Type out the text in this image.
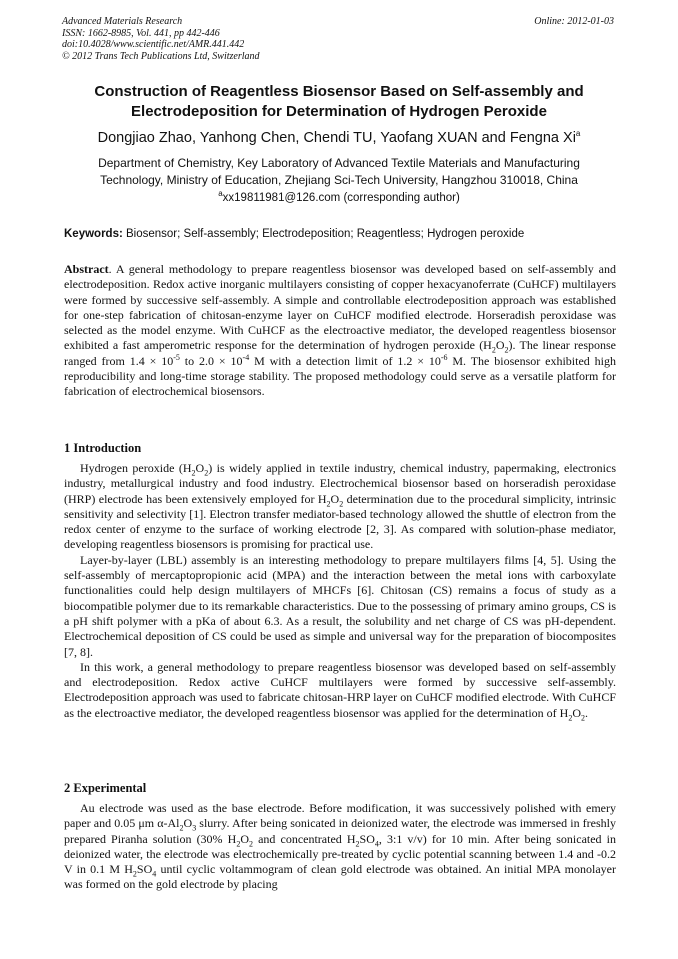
Advanced Materials Research
ISSN: 1662-8985, Vol. 441, pp 442-446
doi:10.4028/www.scientific.net/AMR.441.442
© 2012 Trans Tech Publications Ltd, Switzerland
Online: 2012-01-03
Construction of Reagentless Biosensor Based on Self-assembly and
Electrodeposition for Determination of Hydrogen Peroxide
Dongjiao Zhao, Yanhong Chen, Chendi TU, Yaofang XUAN and Fengna Xi$^a$
Department of Chemistry, Key Laboratory of Advanced Textile Materials and Manufacturing
Technology, Ministry of Education, Zhejiang Sci-Tech University, Hangzhou 310018, China
$^a$xx19811981@126.com (corresponding author)
Keywords: Biosensor; Self-assembly; Electrodeposition; Reagentless; Hydrogen peroxide

Abstract. A general methodology to prepare reagentless biosensor was developed based on self-assembly and electrodeposition. Redox active inorganic multilayers consisting of copper hexacyanoferrate (CuHCF) multilayers were formed by successive self-assembly. A simple and controllable electrodeposition approach was established for one-step fabrication of chitosan-enzyme layer on CuHCF modified electrode. Horseradish peroxidase was selected as the model enzyme. With CuHCF as the electroactive mediator, the developed reagentless biosensor exhibited a fast amperometric response for the determination of hydrogen peroxide $(H_2O_2)$. The linear response ranged from $1.4 \times 10^{-5}$ to $2.0 \times 10^{-4}$ M with a detection limit of $1.2 \times 10^{-6}$ M. The biosensor exhibited high reproducibility and long-time storage stability. The proposed methodology could serve as a versatile platform for fabrication of electrochemical biosensors.

1 Introduction

Hydrogen peroxide $(H_2O_2)$ is widely applied in textile industry, chemical industry, papermaking, electronics industry, metallurgical industry and food industry. Electrochemical biosensor based on horseradish peroxidase (HRP) electrode has been extensively employed for $H_2O_2$ determination due to the procedural simplicity, intrinsic sensitivity and selectivity [1]. Electron transfer mediator-based technology allowed the shuttle of electron from the redox center of enzyme to the surface of working electrode [2, 3]. As compared with solution-phase mediator, developing reagentless biosensors is promising for practical use.

Layer-by-layer (LBL) assembly is an interesting methodology to prepare multilayers films [4, 5]. Using the self-assembly of mercaptopropionic acid (MPA) and the interaction between the metal ions with carboxylate functionalities could help design multilayers of MHCFs [6]. Chitosan (CS) remains a focus of study as a biocompatible polymer due to its remarkable characteristics. Due to the possessing of primary amino groups, CS is a pH shift polymer with a pKa of about 6.3. As a result, the solubility and net charge of CS was pH-dependent. Electrochemical deposition of CS could be used as simple and universal way for the preparation of biocomposites [7, 8].

In this work, a general methodology to prepare reagentless biosensor was developed based on self-assembly and electrodeposition. Redox active CuHCF multilayers were formed by successive self-assembly. Electrodeposition approach was used to fabricate chitosan-HRP layer on CuHCF modified electrode. With CuHCF as the electroactive mediator, the developed reagentless biosensor was applied for the determination of $H_2O_2$.

2 Experimental

Au electrode was used as the base electrode. Before modification, it was successively polished with emery paper and 0.05 μm $\alpha-Al_2O_3$ slurry. After being sonicated in deionized water, the electrode was immersed in freshly prepared Piranha solution (30% $H_2O_2$ and concentrated $H_2SO_4$, 3:1 v/v) for 10 min. After being sonicated in deionized water, the electrode was electrochemically pre-treated by cyclic potential scanning between 1.4 and -0.2 V in 0.1 M $H_2SO_4$ until cyclic voltammogram of clean gold electrode was obtained. An initial MPA monolayer was formed on the gold electrode by placing
